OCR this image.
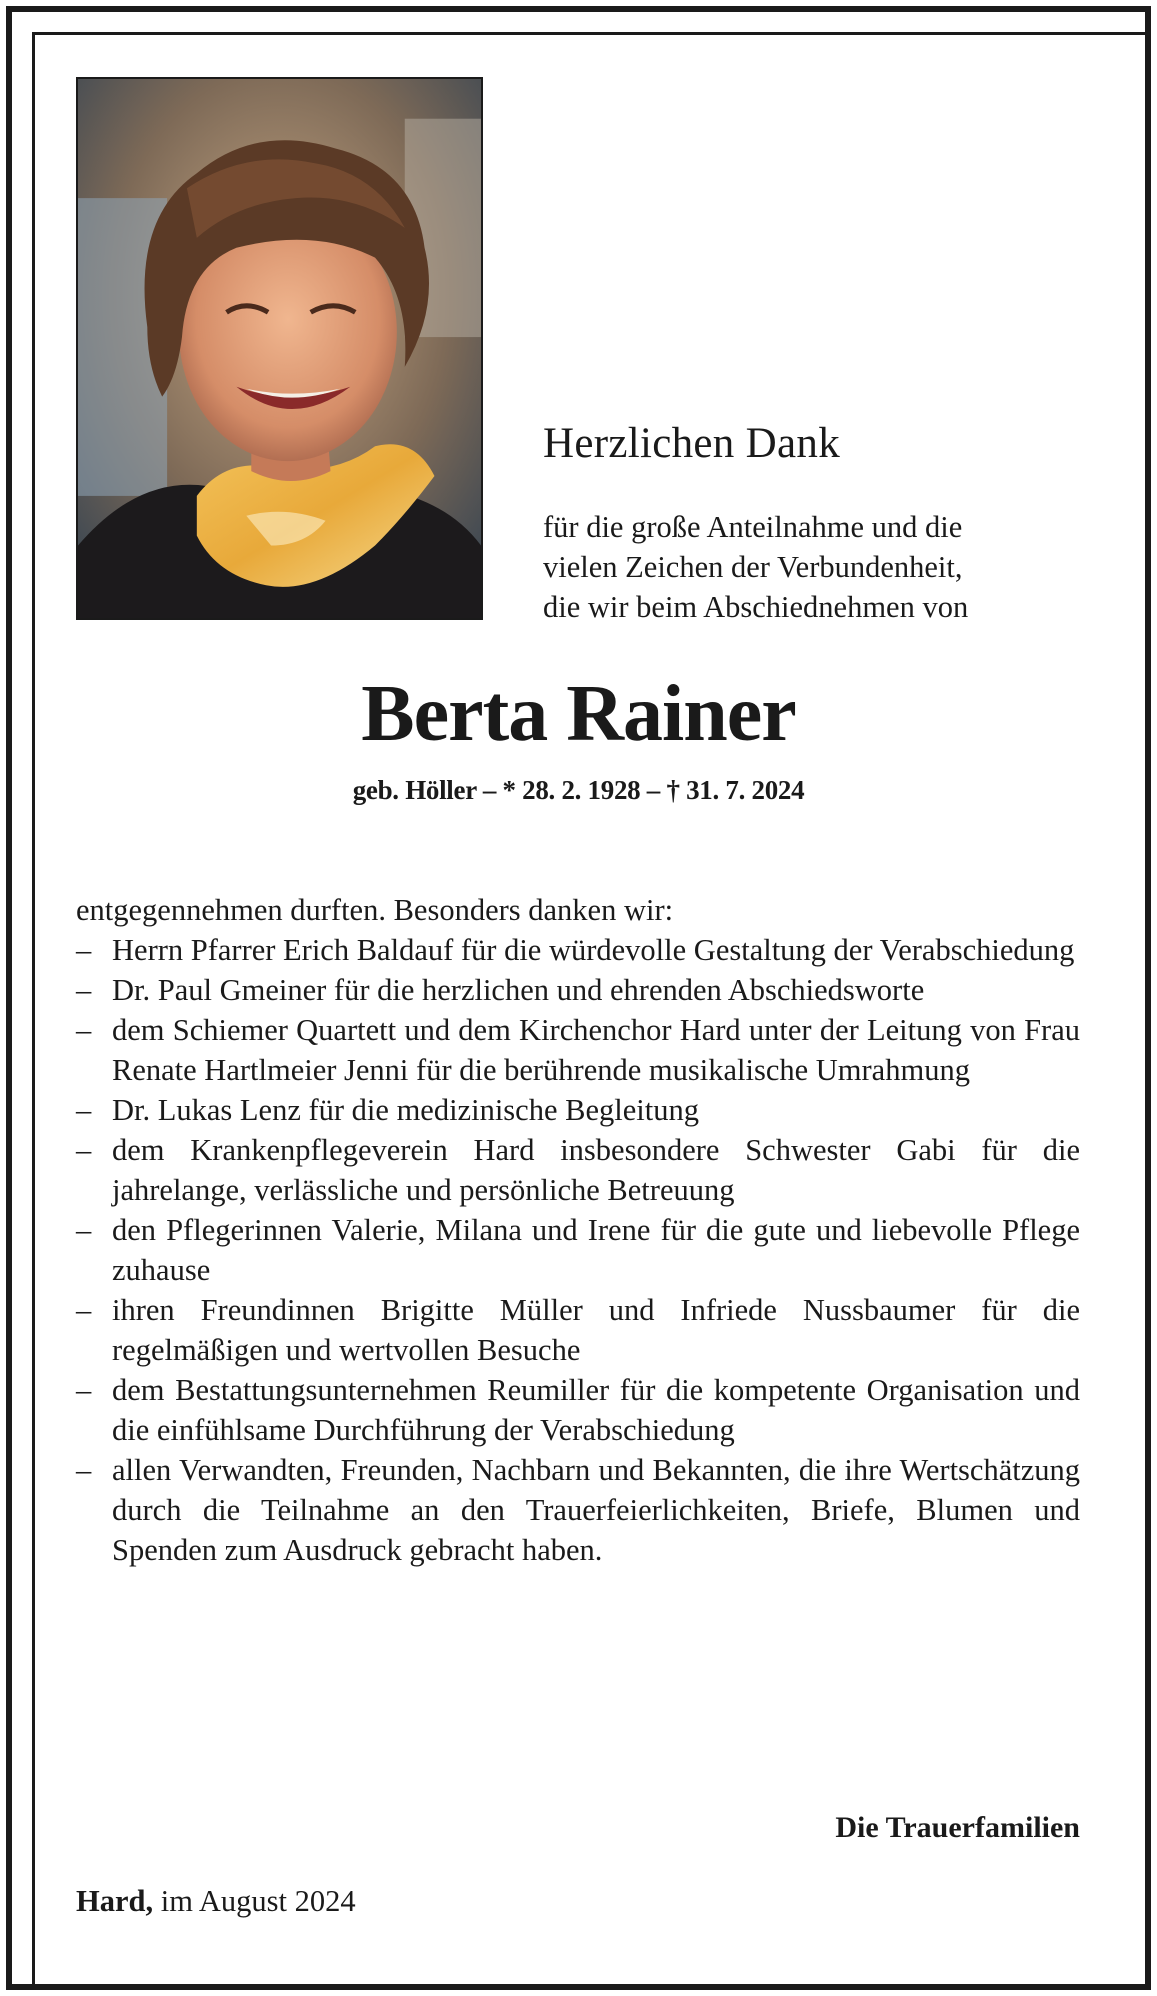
Herzlichen Dank
für die große Anteilnahme und die
vielen Zeichen der Verbundenheit,
die wir beim Abschiednehmen von
Berta Rainer
geb. Höller – * 28. 2. 1928 – † 31. 7. 2024
entgegennehmen durften. Besonders danken wir:
– Herrn Pfarrer Erich Baldauf für die würdevolle Gestaltung der Verabschiedung
– Dr. Paul Gmeiner für die herzlichen und ehrenden Abschiedsworte
– dem Schiemer Quartett und dem Kirchenchor Hard unter der Leitung von Frau Renate Hartlmeier Jenni für die berührende musikalische Umrahmung
– Dr. Lukas Lenz für die medizinische Begleitung
– dem Krankenpflegeverein Hard insbesondere Schwester Gabi für die jahrelange, verlässliche und persönliche Betreuung
– den Pflegerinnen Valerie, Milana und Irene für die gute und liebevolle Pflege zuhause
– ihren Freundinnen Brigitte Müller und Infriede Nussbaumer für die regelmäßigen und wertvollen Besuche
– dem Bestattungsunternehmen Reumiller für die kompetente Organisation und die einfühlsame Durchführung der Verabschiedung
– allen Verwandten, Freunden, Nachbarn und Bekannten, die ihre Wertschätzung durch die Teilnahme an den Trauerfeierlichkeiten, Briefe, Blumen und Spenden zum Ausdruck gebracht haben.
Die Trauerfamilien
Hard, im August 2024
